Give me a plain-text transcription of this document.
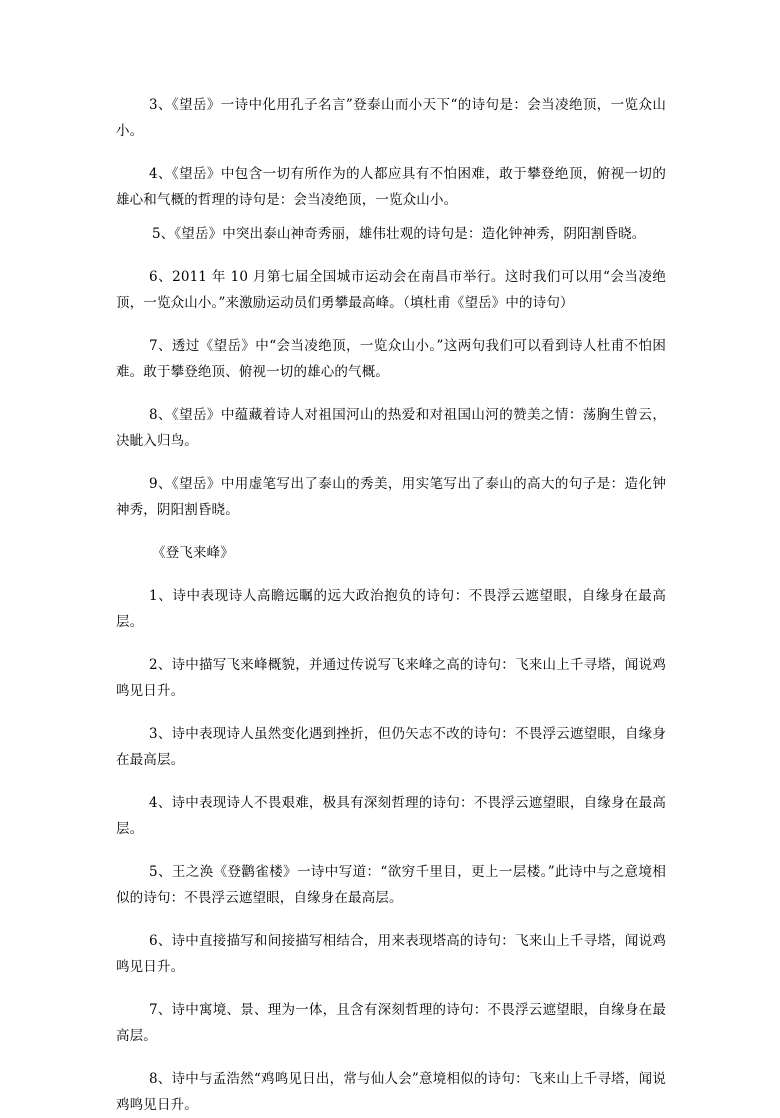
3、《望岳》一诗中化用孔子名言”登泰山而小天下“的诗句是：会当凌绝顶，一览众山小。

4、《望岳》中包含一切有所作为的人都应具有不怕困难，敢于攀登绝顶，俯视一切的雄心和气概的哲理的诗句是：会当凌绝顶，一览众山小。

5、《望岳》中突出泰山神奇秀丽，雄伟壮观的诗句是：造化钟神秀，阴阳割昏晓。

6、2011 年 10 月第七届全国城市运动会在南昌市举行。这时我们可以用“会当凌绝顶，一览众山小。”来激励运动员们勇攀最高峰。（填杜甫《望岳》中的诗句）

7、透过《望岳》中“会当凌绝顶，一览众山小。”这两句我们可以看到诗人杜甫不怕困难。敢于攀登绝顶、俯视一切的雄心的气概。

8、《望岳》中蕴藏着诗人对祖国河山的热爱和对祖国山河的赞美之情：荡胸生曾云，决眦入归鸟。

9、《望岳》中用虚笔写出了泰山的秀美，用实笔写出了泰山的高大的句子是：造化钟神秀，阴阳割昏晓。

《登飞来峰》

1、诗中表现诗人高瞻远瞩的远大政治抱负的诗句：不畏浮云遮望眼，自缘身在最高层。

2、诗中描写飞来峰概貌，并通过传说写飞来峰之高的诗句：飞来山上千寻塔，闻说鸡鸣见日升。

3、诗中表现诗人虽然变化遇到挫折，但仍矢志不改的诗句：不畏浮云遮望眼，自缘身在最高层。

4、诗中表现诗人不畏艰难，极具有深刻哲理的诗句：不畏浮云遮望眼，自缘身在最高层。

5、王之涣《登鹳雀楼》一诗中写道：“欲穷千里目，更上一层楼。”此诗中与之意境相似的诗句：不畏浮云遮望眼，自缘身在最高层。

6、诗中直接描写和间接描写相结合，用来表现塔高的诗句：飞来山上千寻塔，闻说鸡鸣见日升。

7、诗中寓境、景、理为一体，且含有深刻哲理的诗句：不畏浮云遮望眼，自缘身在最高层。

8、诗中与孟浩然“鸡鸣见日出，常与仙人会”意境相似的诗句：飞来山上千寻塔，闻说鸡鸣见日升。
